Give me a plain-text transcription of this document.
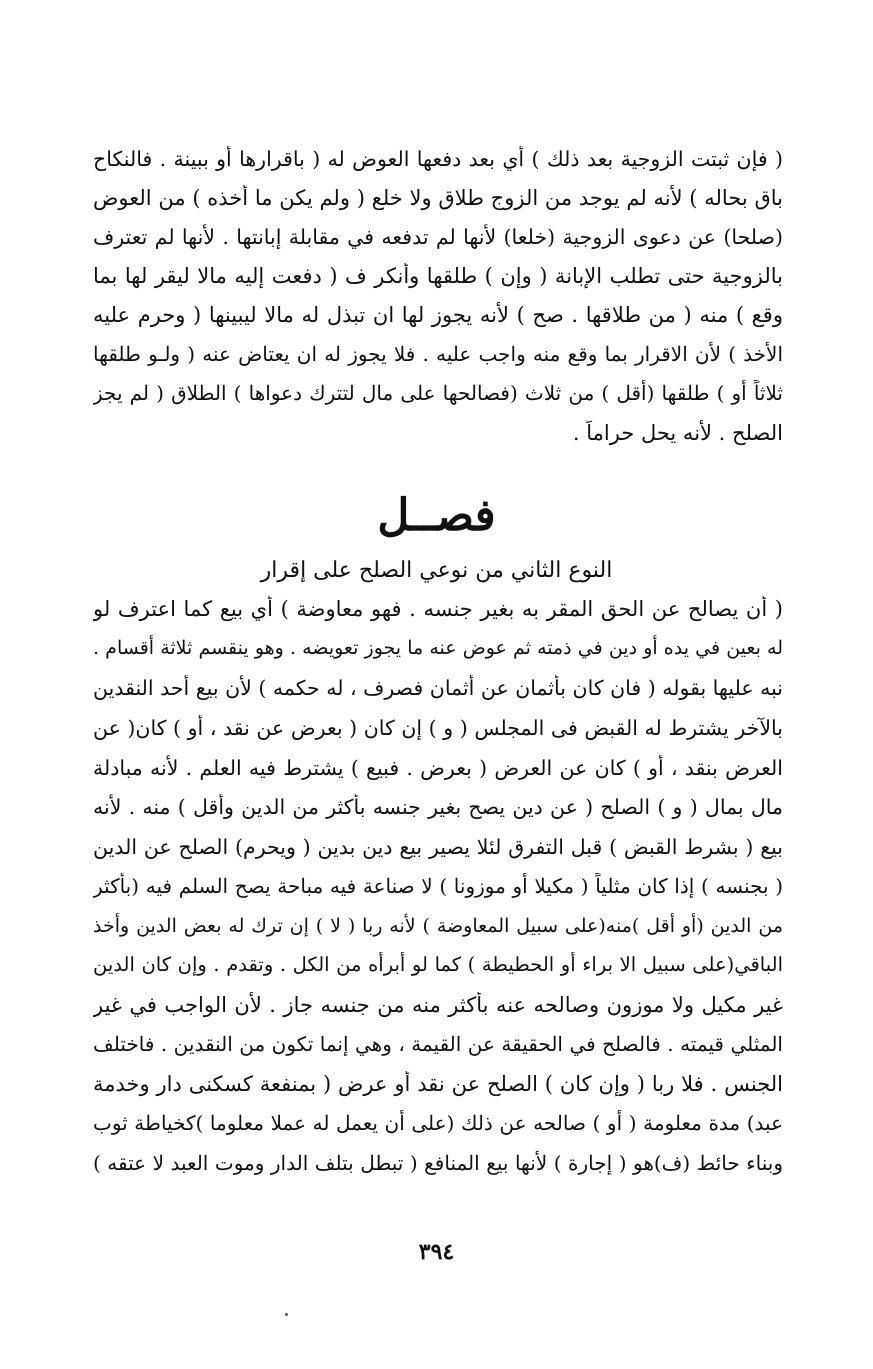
( فإن ثبتت الزوجية بعد ذلك ) أي بعد دفعها العوض له ( باقرارها أو ببينة . فالنكاح
باق بحاله ) لأنه لم يوجد من الزوج طلاق ولا خلع ( ولم يكن ما أخذه ) من العوض
(صلحا) عن دعوى الزوجية (خلعا) لأنها لم تدفعه في مقابلة إبانتها . لأنها لم تعترف
بالزوجية حتى تطلب الإبانة ( وإن ) طلقها وأنكر ف ( دفعت إليه مالا ليقر لها بما
وقع ) منه ( من طلاقها . صح ) لأنه يجوز لها ان تبذل له مالا ليبينها ( وحرم عليه
الأخذ ) لأن الاقرار بما وقع منه واجب عليه . فلا يجوز له ان يعتاض عنه ( ولـو طلقها
ثلاثاً أو ) طلقها (أقل ) من ثلاث (فصالحها على مال لتترك دعواها ) الطلاق ( لم يجز
الصلح . لأنه يحل حراماً .
فصــل
النوع الثاني من نوعي الصلح على إقرار
( أن يصالح عن الحق المقر به بغير جنسه . فهو معاوضة ) أي بيع كما اعترف لو
له بعين في يده أو دين في ذمته ثم عوض عنه ما يجوز تعويضه . وهو ينقسم ثلاثة أقسام .
نبه عليها بقوله ( فان كان بأثمان عن أثمان فصرف ، له حكمه ) لأن بيع أحد النقدين
بالآخر يشترط له القبض فى المجلس ( و ) إن كان ( بعرض عن نقد ، أو ) كان( عن
العرض بنقد ، أو ) كان عن العرض ( بعرض . فبيع ) يشترط فيه العلم . لأنه مبادلة
مال بمال ( و ) الصلح ( عن دين يصح بغير جنسه بأكثر من الدين وأقل ) منه . لأنه
بيع ( بشرط القبض ) قبل التفرق لئلا يصير بيع دين بدين ( ويحرم) الصلح عن الدين
( بجنسه ) إذا كان مثلياً ( مكيلا أو موزونا ) لا صناعة فيه مباحة يصح السلم فيه (بأكثر
من الدين (أو أقل )منه(على سبيل المعاوضة ) لأنه ربا ( لا ) إن ترك له بعض الدين وأخذ
الباقي(على سبيل الا براء أو الحطيطة ) كما لو أبرأه من الكل . وتقدم . وإن كان الدين
غير مكيل ولا موزون وصالحه عنه بأكثر منه من جنسه جاز . لأن الواجب في غير
المثلي قيمته . فالصلح في الحقيقة عن القيمة ، وهي إنما تكون من النقدين . فاختلف
الجنس . فلا ربا ( وإن كان ) الصلح عن نقد أو عرض ( بمنفعة كسكنى دار وخدمة
عبد) مدة معلومة ( أو ) صالحه عن ذلك (على أن يعمل له عملا معلوما )كخياطة ثوب
وبناء حائط (ف)هو ( إجارة ) لأنها بيع المنافع ( تبطل بتلف الدار وموت العبد لا عتقه )
٣٩٤
